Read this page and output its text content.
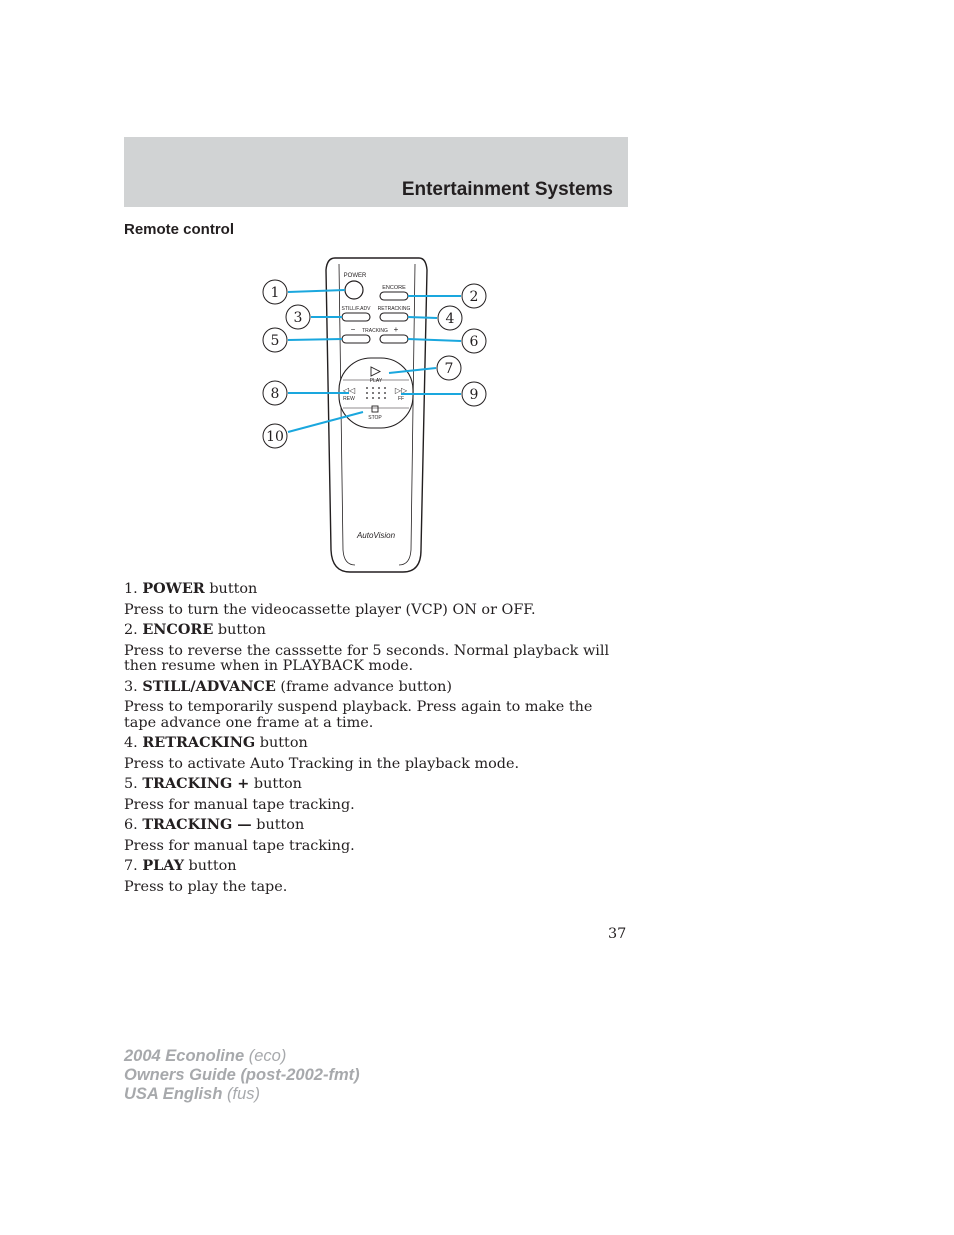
Entertainment Systems
Remote control
POWER
ENCORE
STILL/F.ADV RETRACKING
− TRACKING +
PLAY
◁◁
REW
▷▷
FF
STOP
AutoVision
1	2
3	4
5	6
7
8	9
10

1. POWER button

Press to turn the videocassette player (VCP) ON or OFF.

2. ENCORE button

Press to reverse the casssette for 5 seconds. Normal playback will then resume when in PLAYBACK mode.

3. STILL/ADVANCE (frame advance button)

Press to temporarily suspend playback. Press again to make the tape advance one frame at a time.

4. RETRACKING button

Press to activate Auto Tracking in the playback mode.

5. TRACKING + button

Press for manual tape tracking.

6. TRACKING — button

Press for manual tape tracking.

7. PLAY button

Press to play the tape.

37
2004 Econoline (eco)
Owners Guide (post-2002-fmt)
USA English (fus)
